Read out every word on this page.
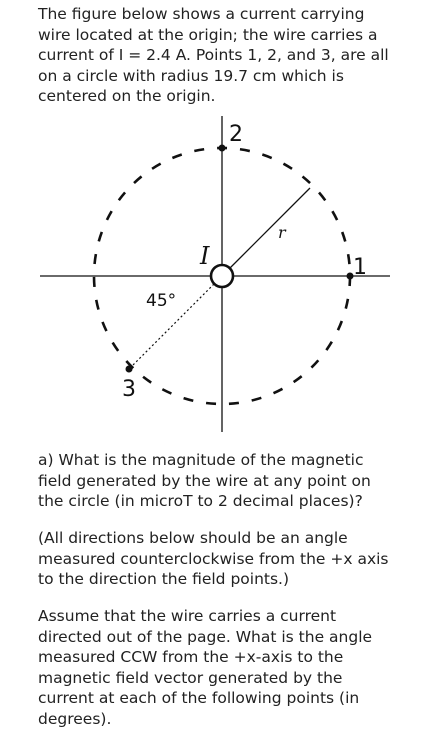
The figure below shows a current carrying wire located at the origin; the wire carries a current of I = 2.4 A. Points 1, 2, and 3, are all on a circle with radius 19.7 cm which is centered on the origin.

2
1
3
I
r
45°

a) What is the magnitude of the magnetic field generated by the wire at any point on the circle (in microT to 2 decimal places)?

(All directions below should be an angle measured counterclockwise from the +x axis to the direction the field points.)

Assume that the wire carries a current directed out of the page. What is the angle measured CCW from the +x-axis to the magnetic field vector generated by the current at each of the following points (in degrees).
